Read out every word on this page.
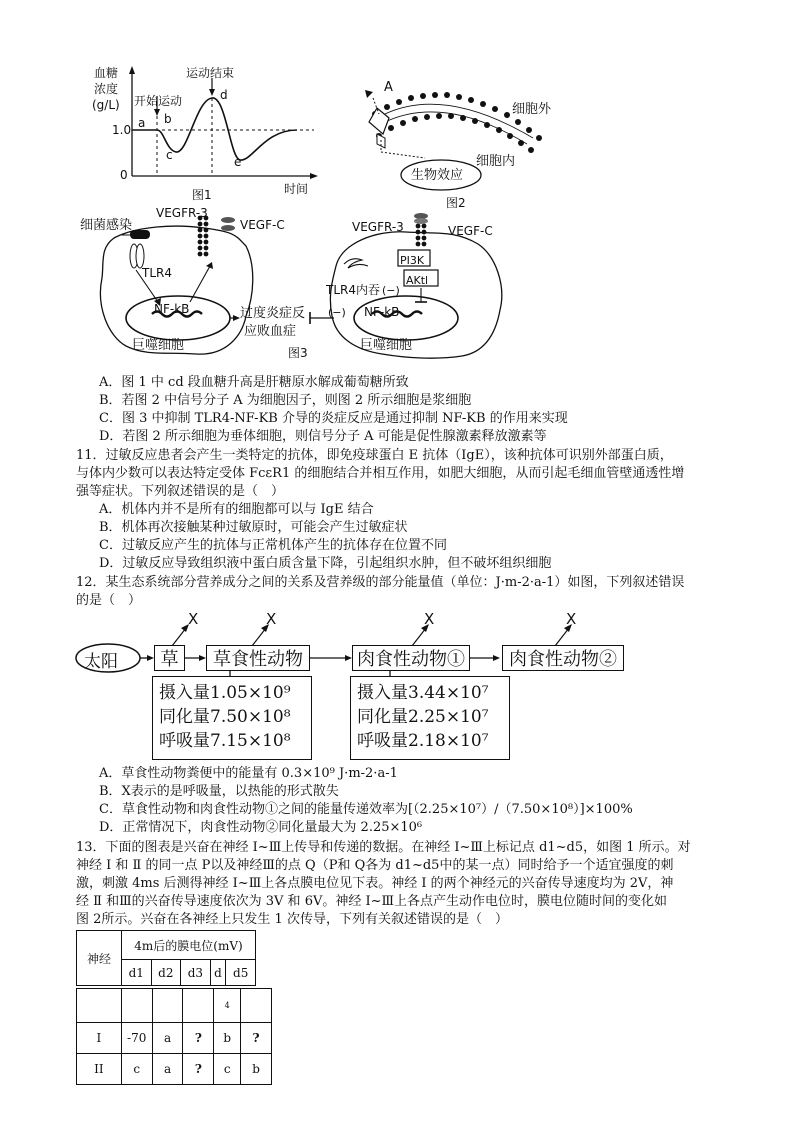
血糖
浓度
(g/L)
1.0
0
开始运动
运动结束
a b
c
d
e
时间
图1
A
细胞外
细胞内
生物效应
图2
细菌感染
VEGFR-3
VEGF-C
TLR4
NF-kB
巨噬细胞
过度炎症反
应败血症
VEGFR-3	VEGF-C
PI3K
AKtl
TLR4内吞 (−)
(−) NF-kB
巨噬细胞
图3
A．图 1 中 cd 段血糖升高是肝糖原水解成葡萄糖所致
B．若图 2 中信号分子 A 为细胞因子，则图 2 所示细胞是浆细胞
C．图 3 中抑制 TLR4-NF-KB 介导的炎症反应是通过抑制 NF-KB 的作用来实现
D．若图 2 所示细胞为垂体细胞，则信号分子 A 可能是促性腺激素释放激素等
11．过敏反应患者会产生一类特定的抗体，即免疫球蛋白 E 抗体（IgE），该种抗体可识别外部蛋白质，
与体内少数可以表达特定受体 FcεR1 的细胞结合并相互作用，如肥大细胞，从而引起毛细血管壁通透性增
强等症状。下列叙述错误的是（　）
A．机体内并不是所有的细胞都可以与 IgE 结合
B．机体再次接触某种过敏原时，可能会产生过敏症状
C．过敏反应产生的抗体与正常机体产生的抗体存在位置不同
D．过敏反应导致组织液中蛋白质含量下降，引起组织水肿，但不破坏组织细胞
12．某生态系统部分营养成分之间的关系及营养级的部分能量值（单位：J·m-2·a-1）如图，下列叙述错误
的是（　）
太阳	草	草食性动物	肉食性动物①	肉食性动物②
X	X	X	X
摄入量1.05×10⁹
同化量7.50×10⁸
呼吸量7.15×10⁸
摄入量3.44×10⁷
同化量2.25×10⁷
呼吸量2.18×10⁷
A．草食性动物粪便中的能量有 0.3×10⁹ J·m-2·a-1
B．X表示的是呼吸量，以热能的形式散失
C．草食性动物和肉食性动物①之间的能量传递效率为[（2.25×10⁷）/（7.50×10⁸）]×100%
D．正常情况下，肉食性动物②同化量最大为 2.25×10⁶
13．下面的图表是兴奋在神经 Ⅰ~Ⅲ上传导和传递的数据。在神经 Ⅰ~Ⅲ上标记点 d1~d5，如图 1 所示。对
神经 Ⅰ 和 Ⅱ 的同一点 P以及神经Ⅲ的点 Q（P和 Q各为 d1~d5中的某一点）同时给予一个适宜强度的刺
激，刺激 4ms 后测得神经 Ⅰ~Ⅲ上各点膜电位见下表。神经 Ⅰ 的两个神经元的兴奋传导速度均为 2V，神
经 Ⅱ 和Ⅲ的兴奋传导速度依次为 3V 和 6V。神经 Ⅰ~Ⅲ上各点产生动作电位时，膜电位随时间的变化如
图 2所示。兴奋在各神经上只发生 1 次传导，下列有关叙述错误的是（　）
神经	4m后的膜电位(mV)				
	d1	d2	d3	d	d5
				4	
I	-70	a	?	b	?
II	c	a	?	c	b
